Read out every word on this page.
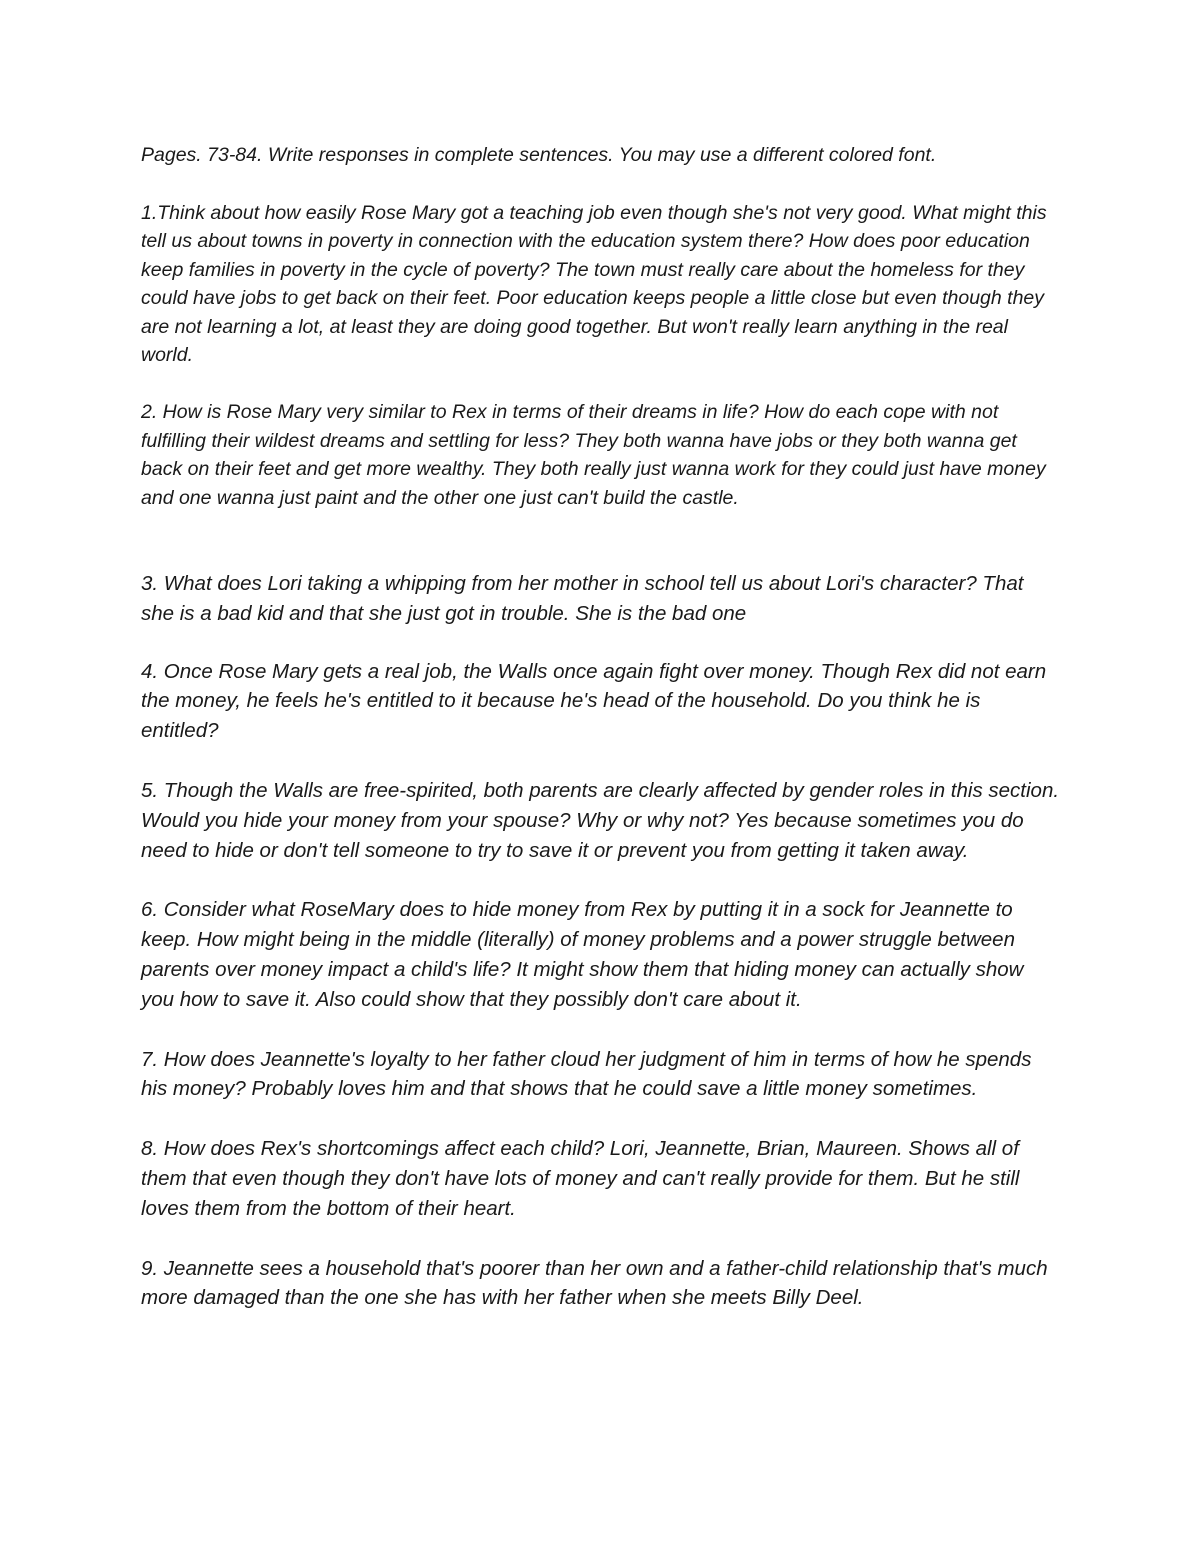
Pages. 73-84. Write responses in complete sentences. You may use a different colored font.

1.Think about how easily Rose Mary got a teaching job even though she's not very good. What might this tell us about towns in poverty in connection with the education system there? How does poor education keep families in poverty in the cycle of poverty? The town must really care about the homeless for they could have jobs to get back on their feet. Poor education keeps people a little close but even though they are not learning a lot, at least they are doing good together. But won't really learn anything in the real world.

2. How is Rose Mary very similar to Rex in terms of their dreams in life? How do each cope with not fulfilling their wildest dreams and settling for less? They both wanna have jobs or they both wanna get back on their feet and get more wealthy. They both really just wanna work for they could just have money and one wanna just paint and the other one just can't build the castle.

3. What does Lori taking a whipping from her mother in school tell us about Lori's character? That she is a bad kid and that she just got in trouble. She is the bad one

4. Once Rose Mary gets a real job, the Walls once again fight over money. Though Rex did not earn the money, he feels he's entitled to it because he's head of the household. Do you think he is entitled?

5. Though the Walls are free-spirited, both parents are clearly affected by gender roles in this section. Would you hide your money from your spouse? Why or why not? Yes because sometimes you do need to hide or don't tell someone to try to save it or prevent you from getting it taken away.

6. Consider what RoseMary does to hide money from Rex by putting it in a sock for Jeannette to keep. How might being in the middle (literally) of money problems and a power struggle between parents over money impact a child's life? It might show them that hiding money can actually show you how to save it. Also could show that they possibly don't care about it.

7. How does Jeannette's loyalty to her father cloud her judgment of him in terms of how he spends his money? Probably loves him and that shows that he could save a little money sometimes.

8. How does Rex's shortcomings affect each child? Lori, Jeannette, Brian, Maureen. Shows all of them that even though they don't have lots of money and can't really provide for them. But he still loves them from the bottom of their heart.

9. Jeannette sees a household that's poorer than her own and a father-child relationship that's much more damaged than the one she has with her father when she meets Billy Deel.
